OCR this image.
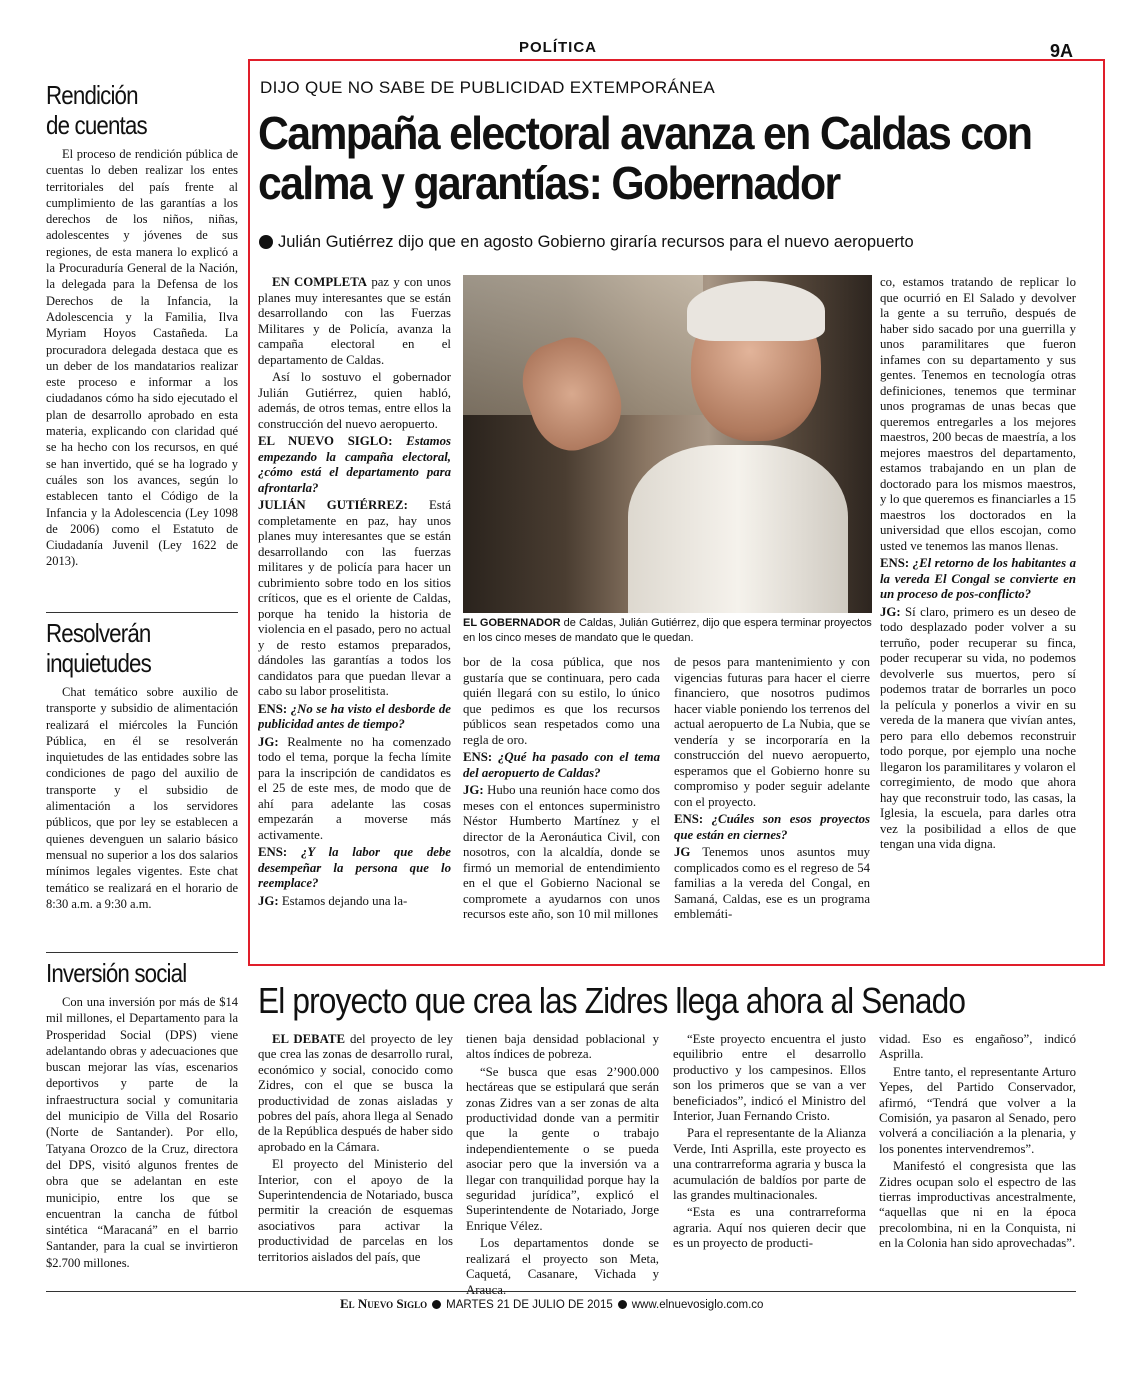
POLÍTICA	9A
Rendición
de cuentas

El proceso de rendición pública de cuentas lo deben realizar los entes territoriales del país frente al cumplimiento de las garantías a los derechos de los niños, niñas, adolescentes y jóvenes de sus regiones, de esta manera lo explicó a la Procuraduría General de la Nación, la delegada para la Defensa de los Derechos de la Infancia, la Adolescencia y la Familia, Ilva Myriam Hoyos Castañeda. La procuradora delegada destaca que es un deber de los mandatarios realizar este proceso e informar a los ciudadanos cómo ha sido ejecutado el plan de desarrollo aprobado en esta materia, explicando con claridad qué se ha hecho con los recursos, en qué se han invertido, qué se ha logrado y cuáles son los avances, según lo establecen tanto el Código de la Infancia y la Adolescencia (Ley 1098 de 2006) como el Estatuto de Ciudadanía Juvenil (Ley 1622 de 2013).

Resolverán
inquietudes

Chat temático sobre auxilio de transporte y subsidio de alimentación realizará el miércoles la Función Pública, en él se resolverán inquietudes de las entidades sobre las condiciones de pago del auxilio de transporte y el subsidio de alimentación a los servidores públicos, que por ley se establecen a quienes devenguen un salario básico mensual no superior a los dos salarios mínimos legales vigentes. Este chat temático se realizará en el horario de 8:30 a.m. a 9:30 a.m.

Inversión social

Con una inversión por más de $14 mil millones, el Departamento para la Prosperidad Social (DPS) viene adelantando obras y adecuaciones que buscan mejorar las vías, escenarios deportivos y parte de la infraestructura social y comunitaria del municipio de Villa del Rosario (Norte de Santander). Por ello, Tatyana Orozco de la Cruz, directora del DPS, visitó algunos frentes de obra que se adelantan en este municipio, entre los que se encuentran la cancha de fútbol sintética “Maracaná” en el barrio Santander, para la cual se invirtieron $2.700 millones.

DIJO QUE NO SABE DE PUBLICIDAD EXTEMPORÁNEA
Campaña electoral avanza en Caldas con calma y garantías: Gobernador
Julián Gutiérrez dijo que en agosto Gobierno giraría recursos para el nuevo aeropuerto

EN COMPLETA paz y con unos planes muy interesantes que se están desarrollando con las Fuerzas Militares y de Policía, avanza la campaña electoral en el departamento de Caldas.

Así lo sostuvo el gobernador Julián Gutiérrez, quien habló, además, de otros temas, entre ellos la construcción del nuevo aeropuerto.

EL NUEVO SIGLO: Estamos empezando la campaña electoral, ¿cómo está el departamento para afrontarla?

JULIÁN GUTIÉRREZ: Está completamente en paz, hay unos planes muy interesantes que se están desarrollando con las fuerzas militares y de policía para hacer un cubrimiento sobre todo en los sitios críticos, que es el oriente de Caldas, porque ha tenido la historia de violencia en el pasado, pero no actual y de resto estamos preparados, dándoles las garantías a todos los candidatos para que puedan llevar a cabo su labor proselitista.

ENS: ¿No se ha visto el desborde de publicidad antes de tiempo?

JG: Realmente no ha comenzado todo el tema, porque la fecha límite para la inscripción de candidatos es el 25 de este mes, de modo que de ahí para adelante las cosas empezarán a moverse más activamente.

ENS: ¿Y la labor que debe desempeñar la persona que lo reemplace?

JG: Estamos dejando una la-

EL GOBERNADOR de Caldas, Julián Gutiérrez, dijo que espera terminar proyectos en los cinco meses de mandato que le quedan.

bor de la cosa pública, que nos gustaría que se continuara, pero cada quién llegará con su estilo, lo único que pedimos es que los recursos públicos sean respetados como una regla de oro.

ENS: ¿Qué ha pasado con el tema del aeropuerto de Caldas?

JG: Hubo una reunión hace como dos meses con el entonces superministro Néstor Humberto Martínez y el director de la Aeronáutica Civil, con nosotros, con la alcaldía, donde se firmó un memorial de entendimiento en el que el Gobierno Nacional se compromete a ayudarnos con unos recursos este año, son 10 mil millones

de pesos para mantenimiento y con vigencias futuras para hacer el cierre financiero, que nosotros pudimos hacer viable poniendo los terrenos del actual aeropuerto de La Nubia, que se vendería y se incorporaría en la construcción del nuevo aeropuerto, esperamos que el Gobierno honre su compromiso y poder seguir adelante con el proyecto.

ENS: ¿Cuáles son esos proyectos que están en ciernes?

JG Tenemos unos asuntos muy complicados como es el regreso de 54 familias a la vereda del Congal, en Samaná, Caldas, ese es un programa emblemáti-

co, estamos tratando de replicar lo que ocurrió en El Salado y devolver la gente a su terruño, después de haber sido sacado por una guerrilla y unos paramilitares que fueron infames con su departamento y sus gentes. Tenemos en tecnología otras definiciones, tenemos que terminar unos programas de unas becas que queremos entregarles a los mejores maestros, 200 becas de maestría, a los mejores maestros del departamento, estamos trabajando en un plan de doctorado para los mismos maestros, y lo que queremos es financiarles a 15 maestros los doctorados en la universidad que ellos escojan, como usted ve tenemos las manos llenas.

ENS: ¿El retorno de los habitantes a la vereda El Congal se convierte en un proceso de pos-conflicto?

JG: Sí claro, primero es un deseo de todo desplazado poder volver a su terruño, poder recuperar su finca, poder recuperar su vida, no podemos devolverle sus muertos, pero sí podemos tratar de borrarles un poco la película y ponerlos a vivir en su vereda de la manera que vivían antes, pero para ello debemos reconstruir todo porque, por ejemplo una noche llegaron los paramilitares y volaron el corregimiento, de modo que ahora hay que reconstruir todo, las casas, la Iglesia, la escuela, para darles otra vez la posibilidad a ellos de que tengan una vida digna.

El proyecto que crea las Zidres llega ahora al Senado

EL DEBATE del proyecto de ley que crea las zonas de desarrollo rural, económico y social, conocido como Zidres, con el que se busca la productividad de zonas aisladas y pobres del país, ahora llega al Senado de la República después de haber sido aprobado en la Cámara.

El proyecto del Ministerio del Interior, con el apoyo de la Superintendencia de Notariado, busca permitir la creación de esquemas asociativos para activar la productividad de parcelas en los territorios aislados del país, que

tienen baja densidad poblacional y altos índices de pobreza.

“Se busca que esas 2’900.000 hectáreas que se estipulará que serán zonas Zidres van a ser zonas de alta productividad donde van a permitir que la gente o trabajo independientemente o se pueda asociar pero que la inversión va a llegar con tranquilidad porque hay la seguridad jurídica”, explicó el Superintendente de Notariado, Jorge Enrique Vélez.

Los departamentos donde se realizará el proyecto son Meta, Caquetá, Casanare, Vichada y Arauca.

“Este proyecto encuentra el justo equilibrio entre el desarrollo productivo y los campesinos. Ellos son los primeros que se van a ver beneficiados”, indicó el Ministro del Interior, Juan Fernando Cristo.

Para el representante de la Alianza Verde, Inti Asprilla, este proyecto es una contrarreforma agraria y busca la acumulación de baldíos por parte de las grandes multinacionales.

“Esta es una contrarreforma agraria. Aquí nos quieren decir que es un proyecto de producti-

vidad. Eso es engañoso”, indicó Asprilla.

Entre tanto, el representante Arturo Yepes, del Partido Conservador, afirmó, “Tendrá que volver a la Comisión, ya pasaron al Senado, pero volverá a conciliación a la plenaria, y los ponentes intervendremos”.

Manifestó el congresista que las Zidres ocupan solo el espectro de las tierras improductivas ancestralmente, “aquellas que ni en la época precolombina, ni en la Conquista, ni en la Colonia han sido aprovechadas”.

El Nuevo Siglo MARTES 21 DE JULIO DE 2015 www.elnuevosiglo.com.co
